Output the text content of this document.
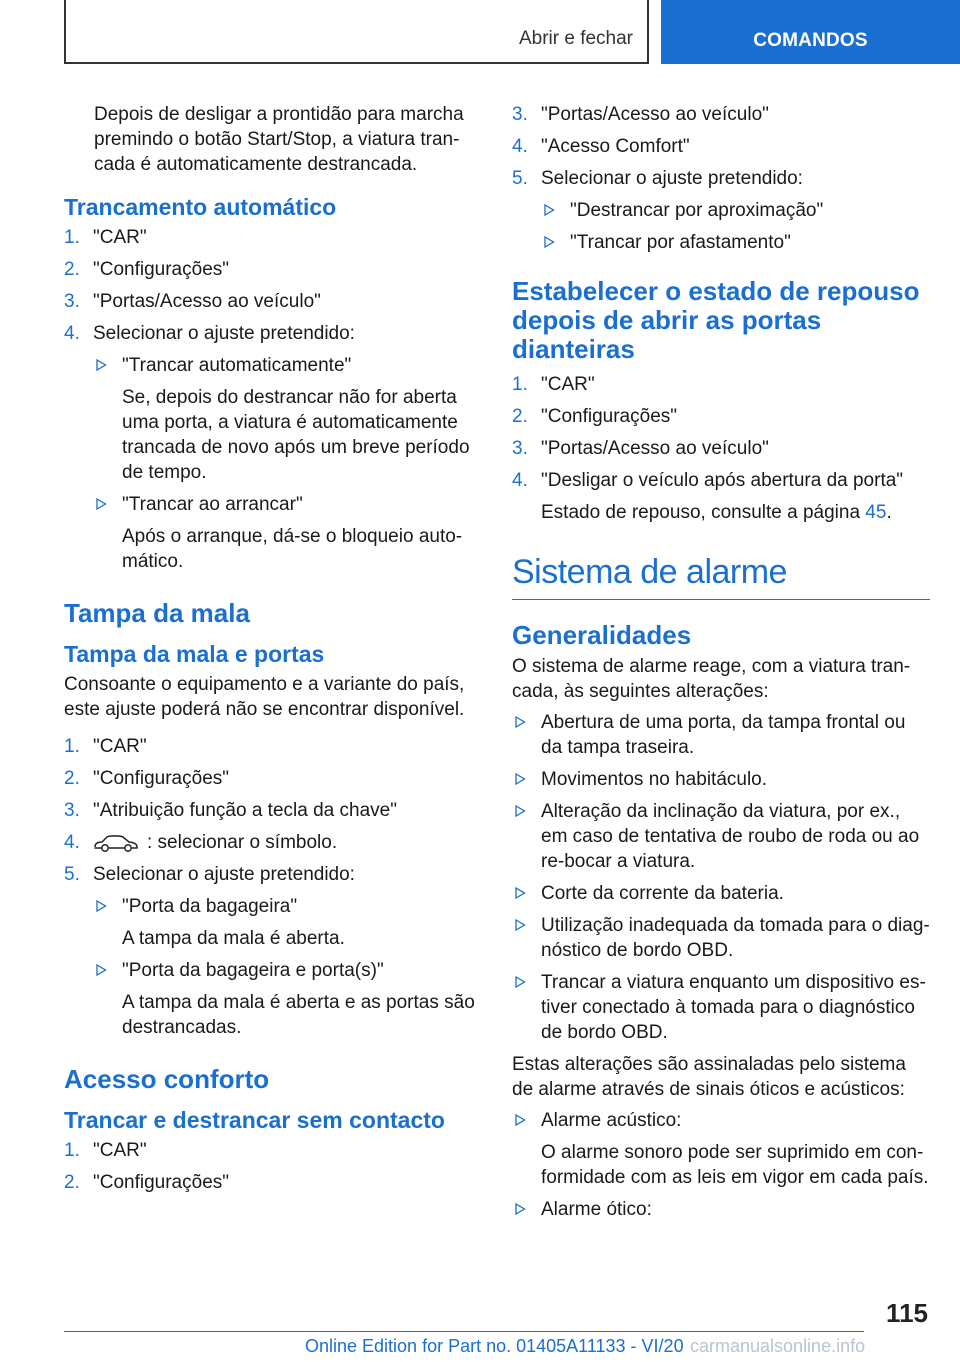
Abrir e fechar	COMANDOS

Depois de desligar a prontidão para marcha premindo o botão Start/Stop, a viatura tran-cada é automaticamente destrancada.

Trancamento automático
1. "CAR"
2. "Configurações"
3. "Portas/Acesso ao veículo"
4. Selecionar o ajuste pretendido:
"Trancar automaticamente"
Se, depois do destrancar não for aberta uma porta, a viatura é automaticamente trancada de novo após um breve período de tempo.
"Trancar ao arrancar"
Após o arranque, dá-se o bloqueio auto-mático.
Tampa da mala
Tampa da mala e portas

Consoante o equipamento e a variante do país, este ajuste poderá não se encontrar disponível.

1. "CAR"
2. "Configurações"
3. "Atribuição função a tecla da chave"
4.	: selecionar o símbolo.
5. Selecionar o ajuste pretendido:
"Porta da bagageira"
A tampa da mala é aberta.
"Porta da bagageira e porta(s)"
A tampa da mala é aberta e as portas são destrancadas.
Acesso conforto
Trancar e destrancar sem contacto
1. "CAR"
2. "Configurações"
3. "Portas/Acesso ao veículo"
4. "Acesso Comfort"
5. Selecionar o ajuste pretendido:
"Destrancar por aproximação"
"Trancar por afastamento"
Estabelecer o estado de repouso depois de abrir as portas dianteiras
1. "CAR"
2. "Configurações"
3. "Portas/Acesso ao veículo"
4. "Desligar o veículo após abertura da porta"
Estado de repouso, consulte a página 45.
Sistema de alarme
Generalidades

O sistema de alarme reage, com a viatura tran-cada, às seguintes alterações:

Abertura de uma porta, da tampa frontal ou da tampa traseira.
Movimentos no habitáculo.
Alteração da inclinação da viatura, por ex., em caso de tentativa de roubo de roda ou ao re-bocar a viatura.
Corte da corrente da bateria.
Utilização inadequada da tomada para o diag-nóstico de bordo OBD.
Trancar a viatura enquanto um dispositivo es-tiver conectado à tomada para o diagnóstico de bordo OBD.

Estas alterações são assinaladas pelo sistema de alarme através de sinais óticos e acústicos:

Alarme acústico:
O alarme sonoro pode ser suprimido em con-formidade com as leis em vigor em cada país.
Alarme ótico:
115
Online Edition for Part no. 01405A11133 - VI/20 carmanualsonline.info
